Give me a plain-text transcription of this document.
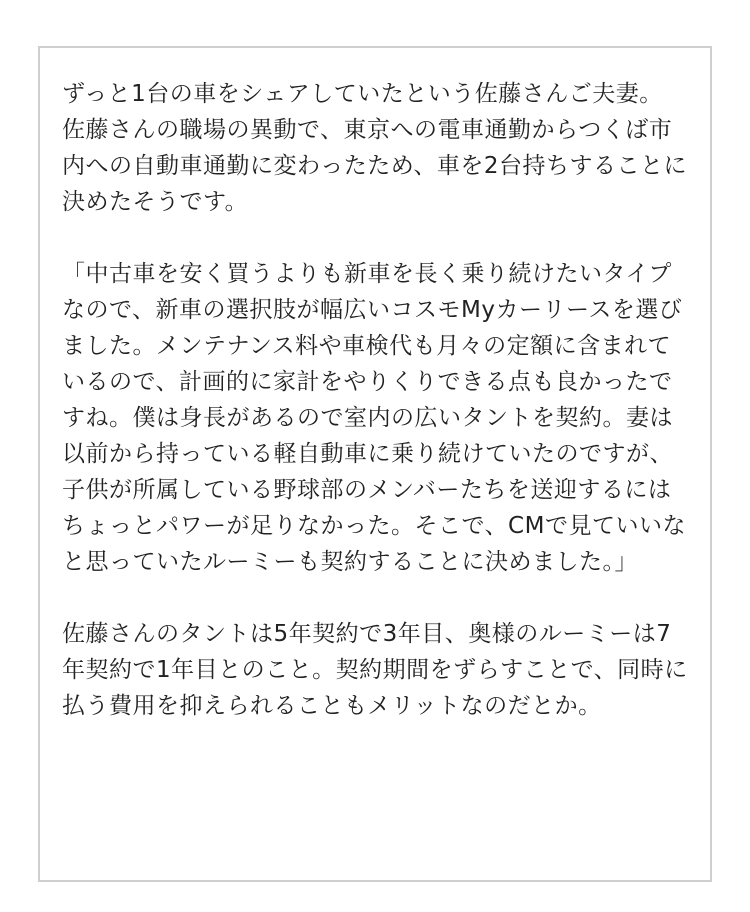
ずっと1台の車をシェアしていたという佐藤さんご夫妻。
佐藤さんの職場の異動で、東京への電車通勤からつくば市内への自動車通勤に変わったため、車を2台持ちすることに決めたそうです。

「中古車を安く買うよりも新車を長く乗り続けたいタイプなので、新車の選択肢が幅広いコスモMyカーリースを選びました。メンテナンス料や車検代も月々の定額に含まれているので、計画的に家計をやりくりできる点も良かったですね。僕は身長があるので室内の広いタントを契約。妻は以前から持っている軽自動車に乗り続けていたのですが、子供が所属している野球部のメンバーたちを送迎するにはちょっとパワーが足りなかった。そこで、CMで見ていいなと思っていたルーミーも契約することに決めました。」

佐藤さんのタントは5年契約で3年目、奥様のルーミーは7年契約で1年目とのこと。契約期間をずらすことで、同時に払う費用を抑えられることもメリットなのだとか。
